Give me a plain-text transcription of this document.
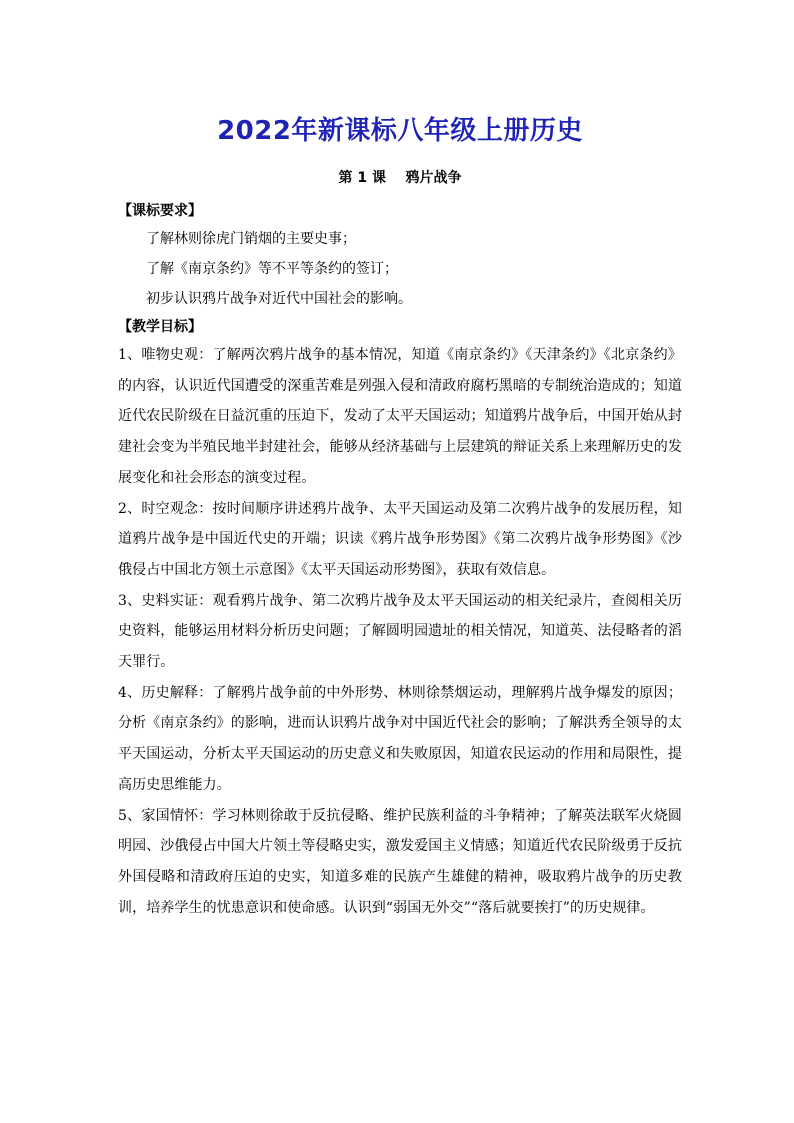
2022年新课标八年级上册历史
第 1 课    鸦片战争
【课标要求】

了解林则徐虎门销烟的主要史事；

了解《南京条约》等不平等条约的签订；

初步认识鸦片战争对近代中国社会的影响。

【教学目标】

1、唯物史观：了解两次鸦片战争的基本情况，知道《南京条约》《天津条约》《北京条约》的内容，认识近代国遭受的深重苦难是列强入侵和清政府腐朽黑暗的专制统治造成的；知道近代农民阶级在日益沉重的压迫下，发动了太平天国运动；知道鸦片战争后，中国开始从封建社会变为半殖民地半封建社会，能够从经济基础与上层建筑的辩证关系上来理解历史的发展变化和社会形态的演变过程。

2、时空观念：按时间顺序讲述鸦片战争、太平天国运动及第二次鸦片战争的发展历程，知道鸦片战争是中国近代史的开端；识读《鸦片战争形势图》《第二次鸦片战争形势图》《沙俄侵占中国北方领土示意图》《太平天国运动形势图》，获取有效信息。

3、史料实证：观看鸦片战争、第二次鸦片战争及太平天国运动的相关纪录片，查阅相关历史资料，能够运用材料分析历史问题；了解圆明园遗址的相关情况，知道英、法侵略者的滔天罪行。

4、历史解释：了解鸦片战争前的中外形势、林则徐禁烟运动，理解鸦片战争爆发的原因；分析《南京条约》的影响，进而认识鸦片战争对中国近代社会的影响；了解洪秀全领导的太平天国运动，分析太平天国运动的历史意义和失败原因，知道农民运动的作用和局限性，提高历史思维能力。

5、家国情怀：学习林则徐敢于反抗侵略、维护民族利益的斗争精神；了解英法联军火烧圆明园、沙俄侵占中国大片领土等侵略史实，激发爱国主义情感；知道近代农民阶级勇于反抗外国侵略和清政府压迫的史实，知道多难的民族产生雄健的精神，吸取鸦片战争的历史教训，培养学生的忧患意识和使命感。认识到“弱国无外交”“落后就要挨打”的历史规律。
